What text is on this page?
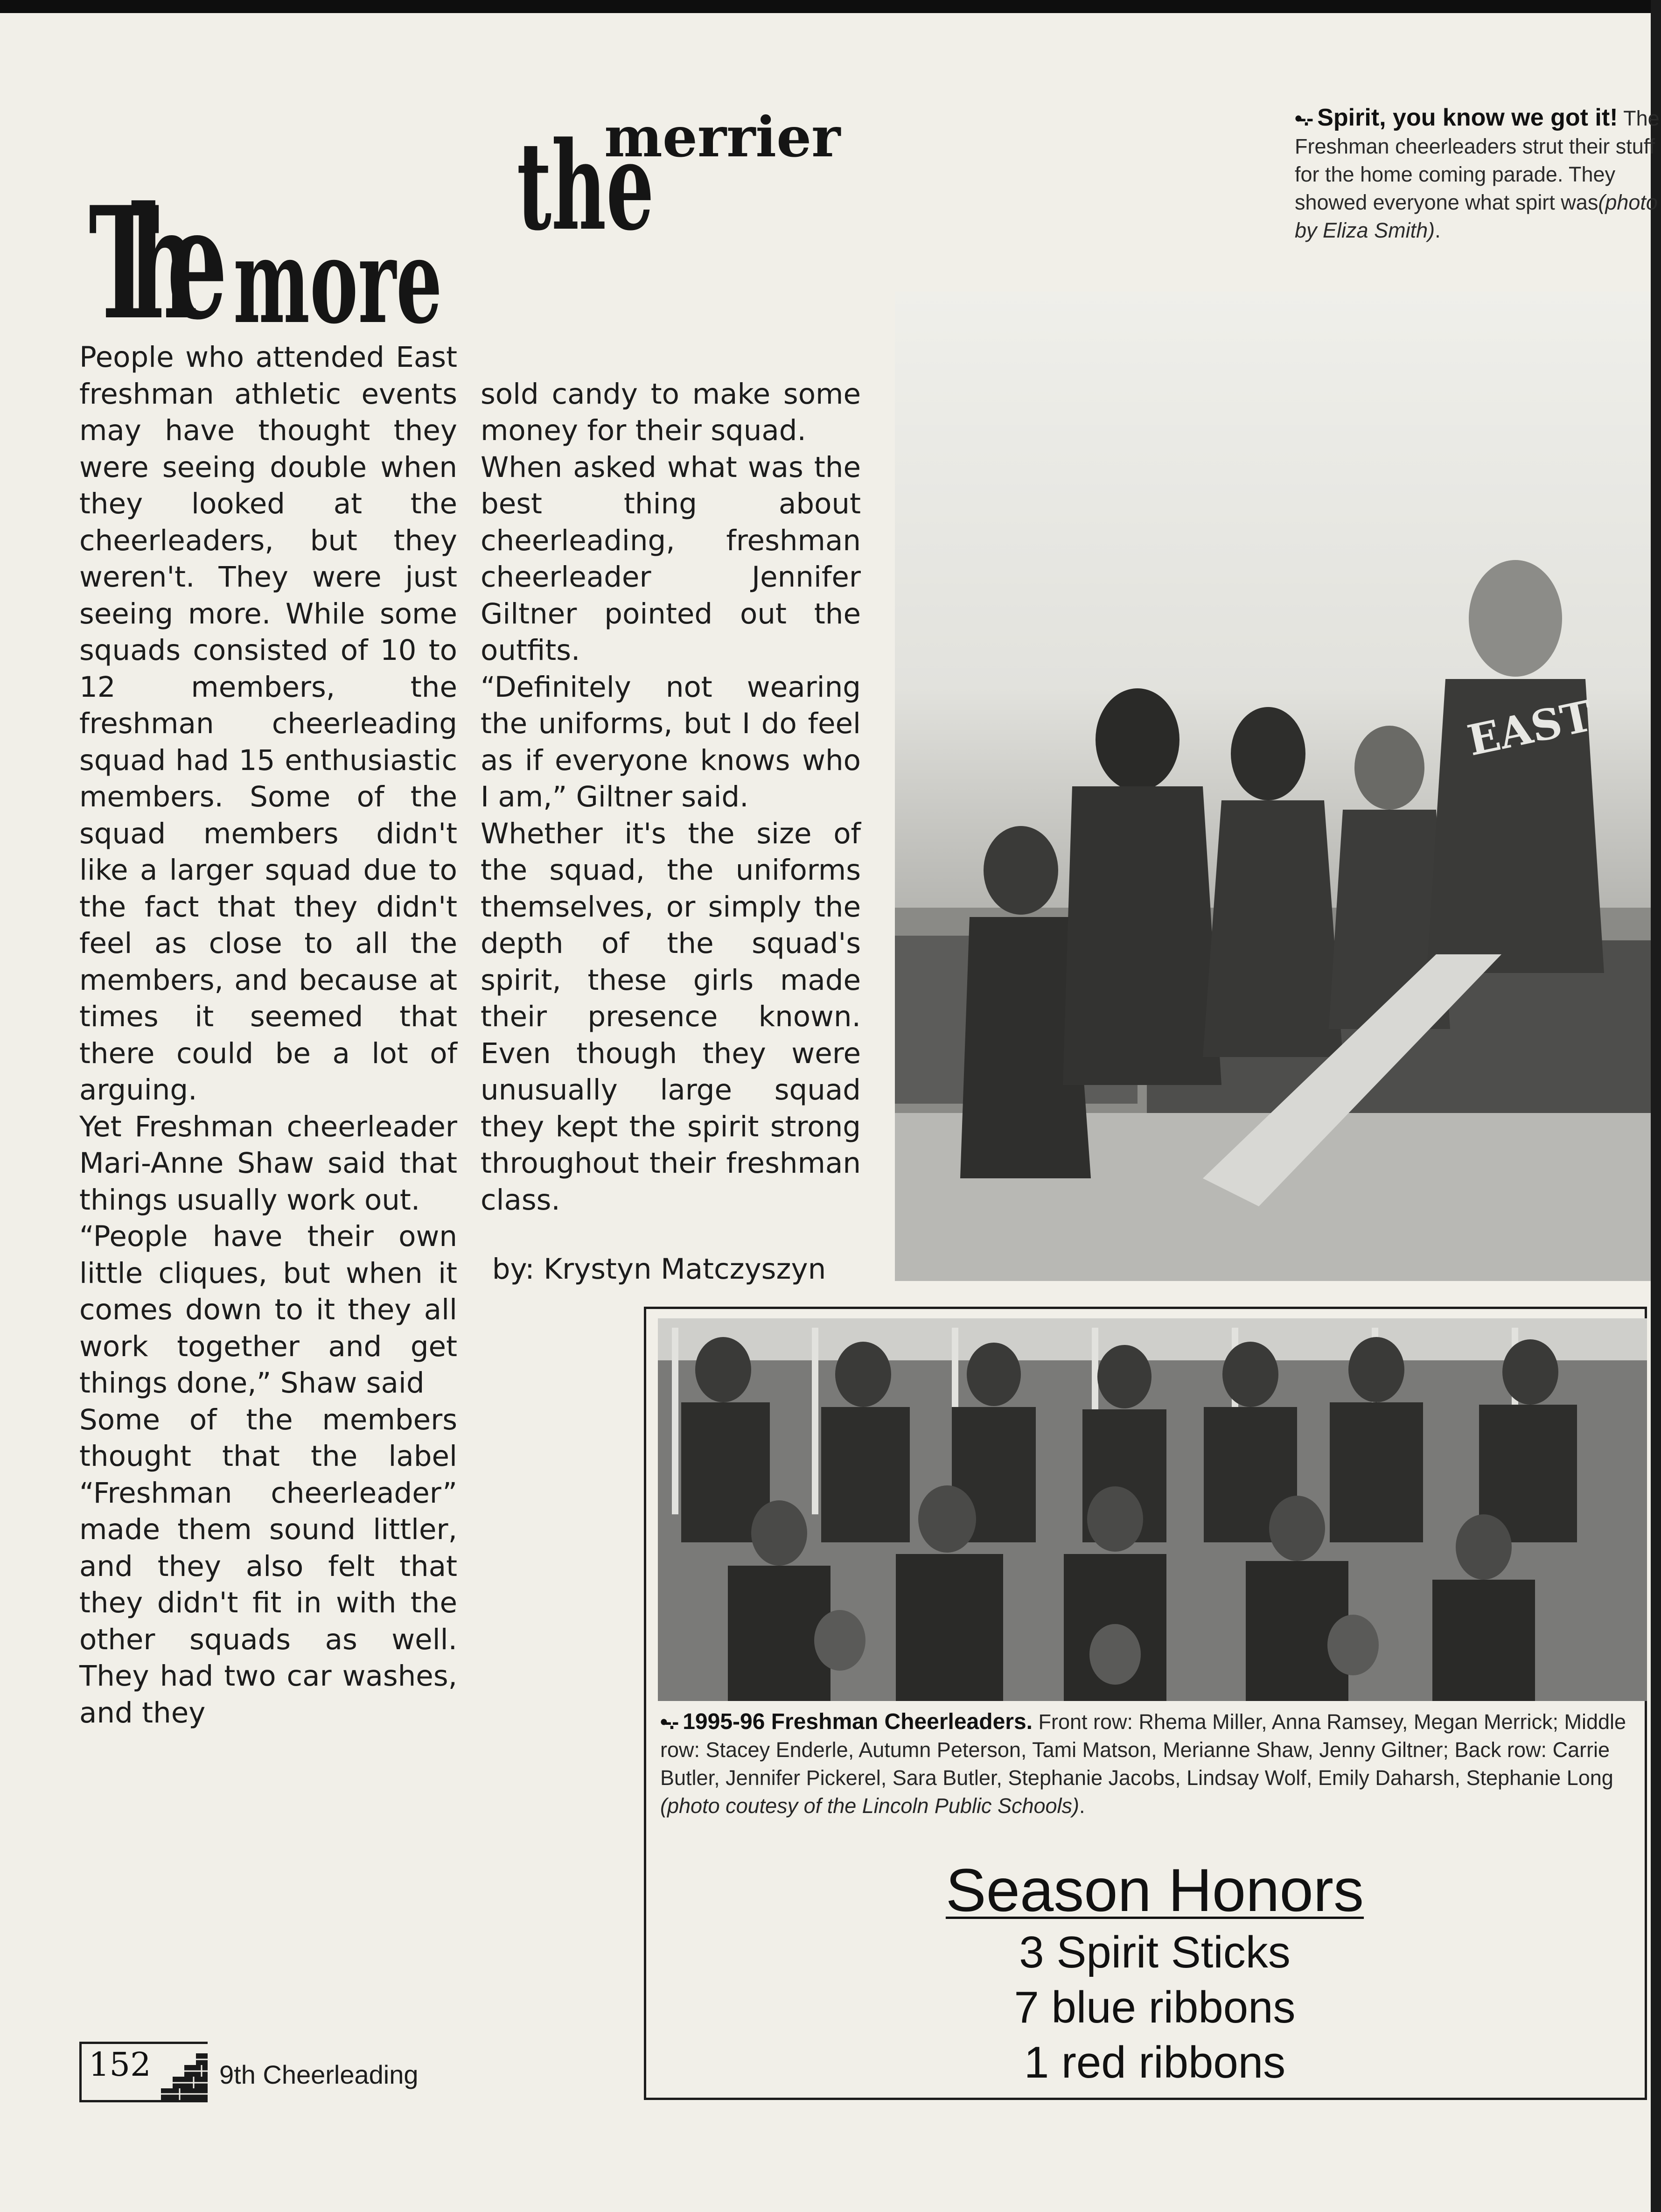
The more
the
merrier	•-.- Spirit, you know we got it! The Freshman cheerleaders strut their stuff for the home coming parade. They showed everyone what spirt was(photo by Eliza Smith).
People who attended East freshman athletic events may have thought they were seeing double when they looked at the cheerleaders, but they weren't. They were just seeing more. While some squads consisted of 10 to 12 members, the freshman cheerleading squad had 15 enthusiastic members. Some of the squad members didn't like a larger squad due to the fact that they didn't feel as close to all the members, and because at times it seemed that there could be a lot of arguing.
Yet Freshman cheerleader Mari-Anne Shaw said that things usually work out.
“People have their own little cliques, but when it comes down to it they all work together and get things done,” Shaw said
Some of the members thought that the label “Freshman cheerleader” made them sound littler, and they also felt that they didn't fit in with the other squads as well. They had two car washes, and they

sold candy to make some money for their squad.
When asked what was the best thing about cheerleading, freshman cheerleader Jennifer Giltner pointed out the outfits.
“Definitely not wearing the uniforms, but I do feel as if everyone knows who I am,” Giltner said.
Whether it's the size of the squad, the uniforms themselves, or simply the depth of the squad's spirit, these girls made their presence known. Even though they were unusually large squad they kept the spirit strong throughout their freshman class.

by: Krystyn Matczyszyn

EAST
•-.- 1995-96 Freshman Cheerleaders. Front row: Rhema Miller, Anna Ramsey, Megan Merrick; Middle row: Stacey Enderle, Autumn Peterson, Tami Matson, Merianne Shaw, Jenny Giltner; Back row: Carrie Butler, Jennifer Pickerel, Sara Butler, Stephanie Jacobs, Lindsay Wolf, Emily Daharsh, Stephanie Long (photo coutesy of the Lincoln Public Schools).
Season Honors
3 Spirit Sticks
7 blue ribbons
1 red ribbons
152	9th Cheerleading
